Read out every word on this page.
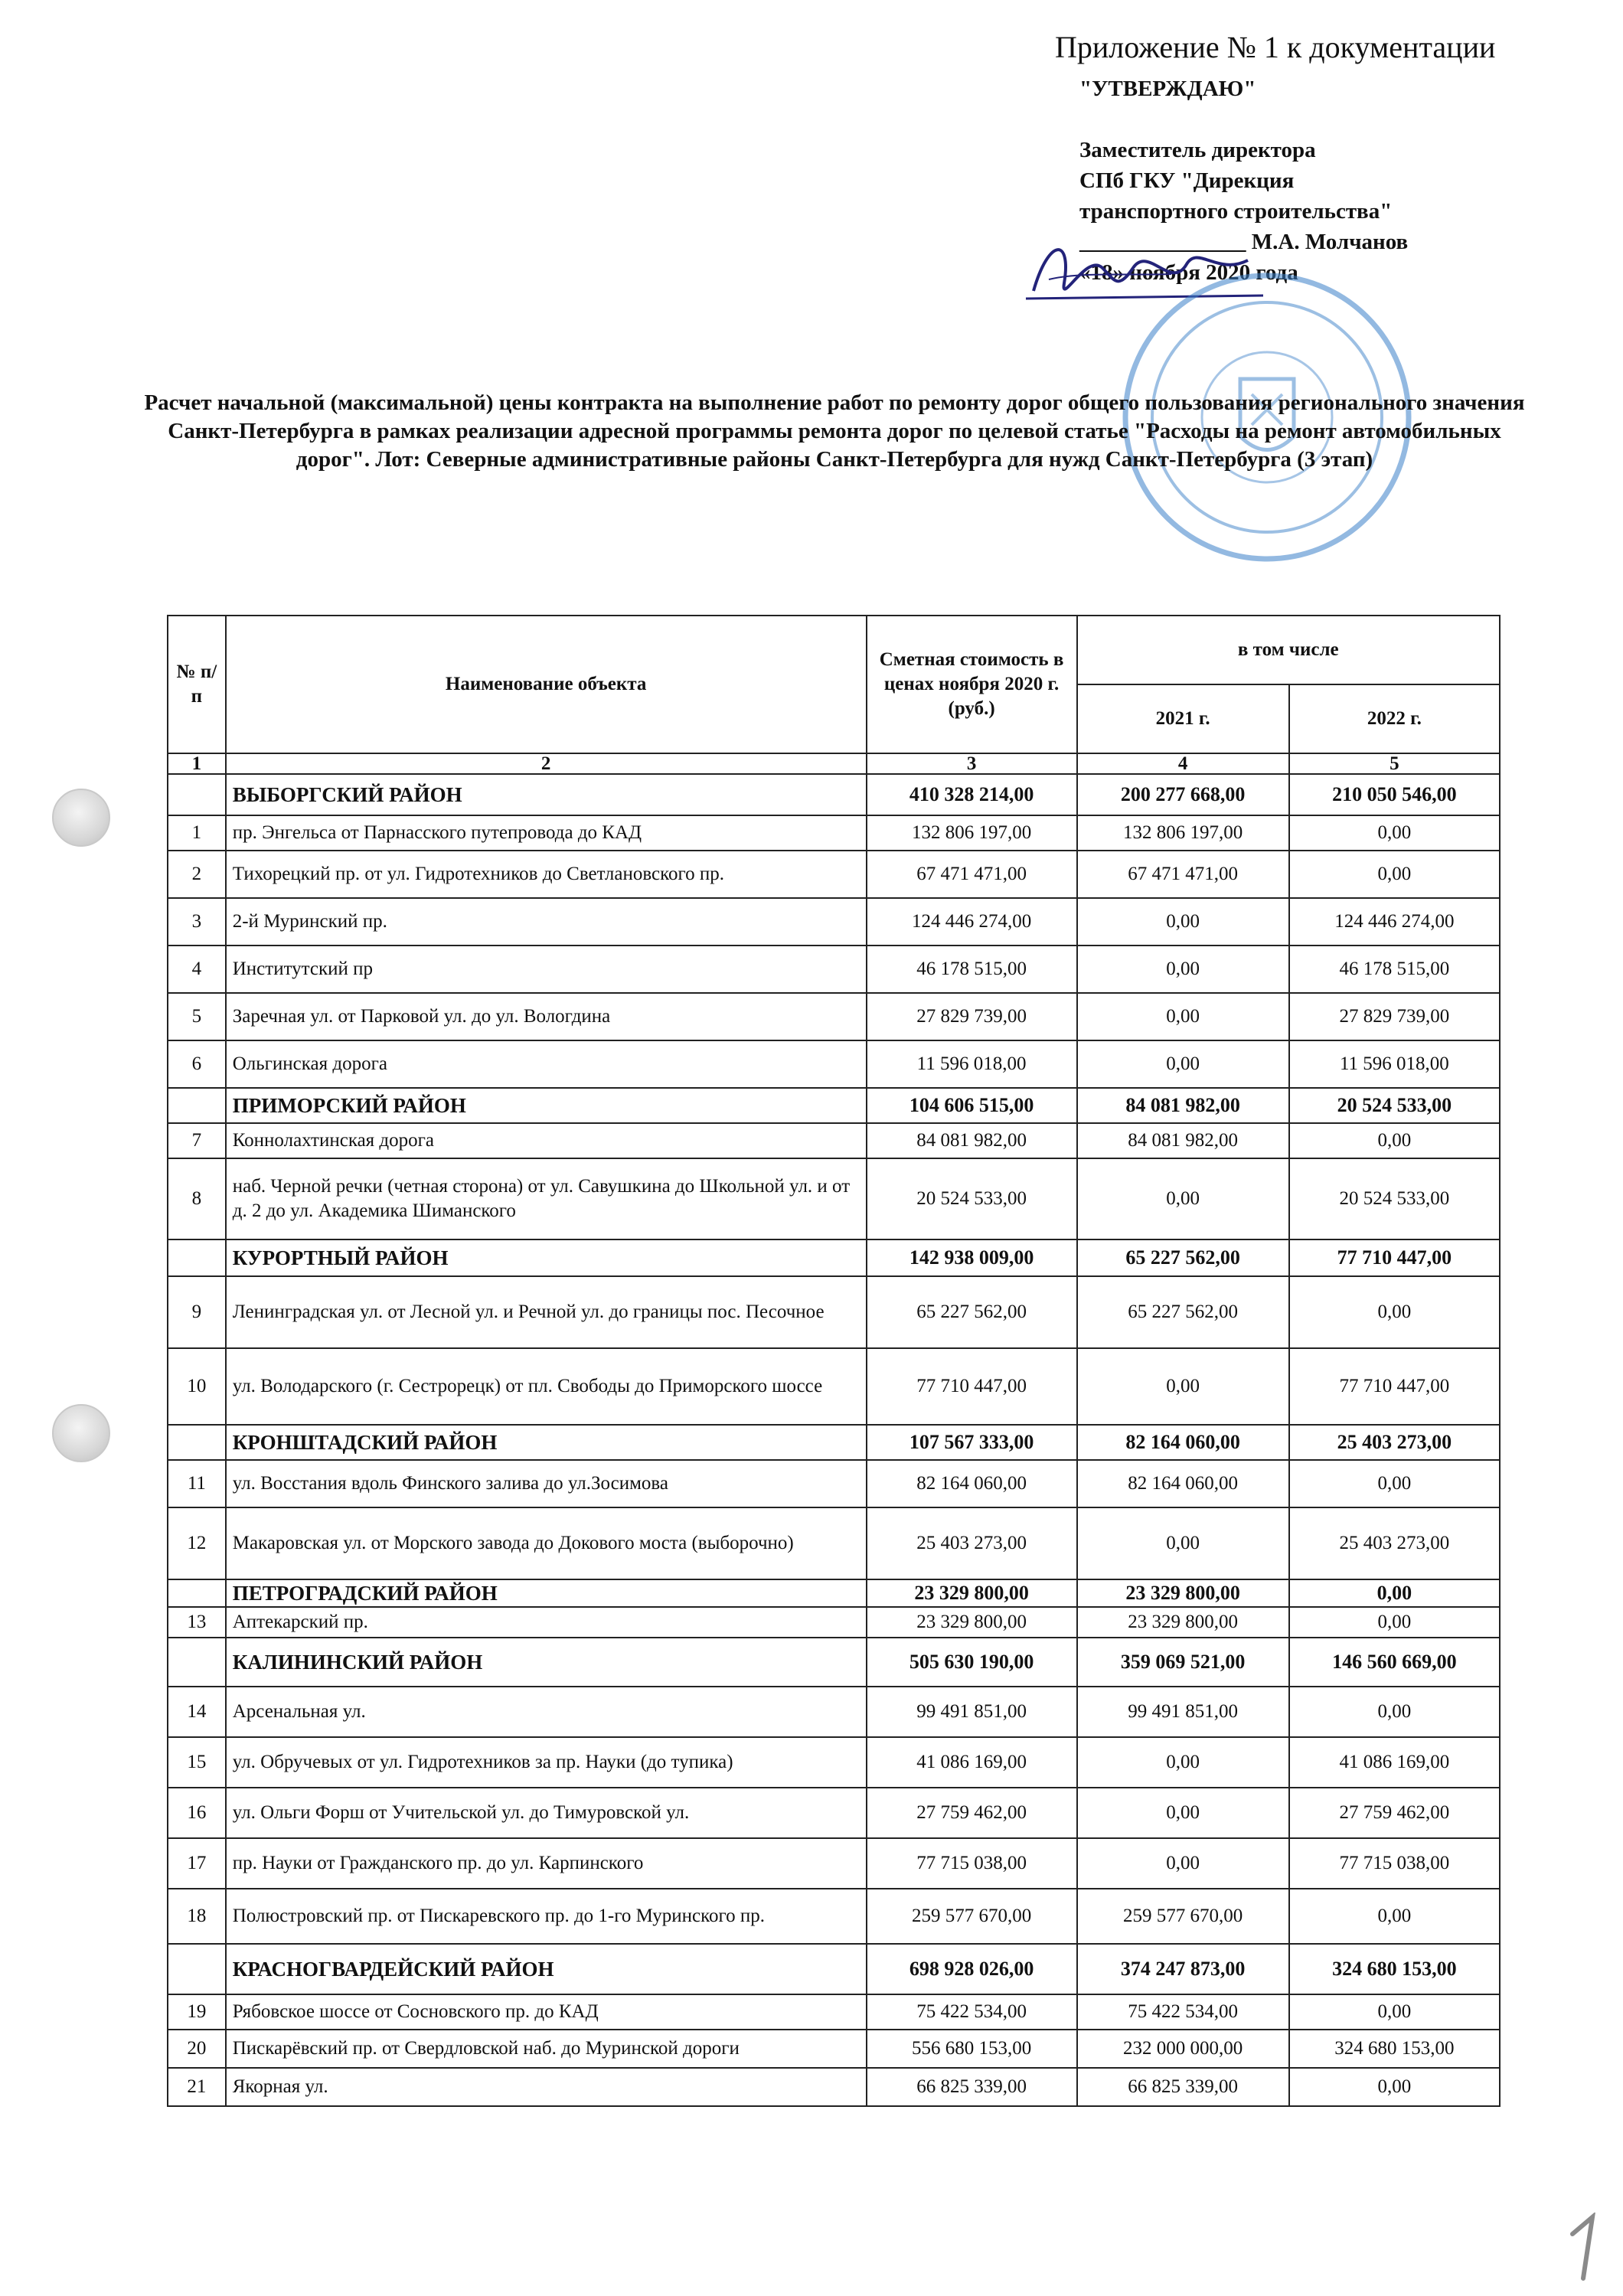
Приложение № 1 к документации
"УТВЕРЖДАЮ"
Заместитель директора
СПб ГКУ "Дирекция
транспортного строительства"
_______________ М.А. Молчанов
«18» ноября 2020 года
Расчет начальной (максимальной) цены контракта на выполнение работ по ремонту дорог общего пользования регионального значения Санкт-Петербурга в рамках реализации адресной программы ремонта дорог по целевой статье "Расходы на ремонт автомобильных дорог". Лот: Северные административные районы Санкт-Петербурга для нужд Санкт-Петербурга (3 этап)
№ п/п	Наименование объекта	Сметная стоимость в ценах ноября 2020 г. (руб.)	в том числе	
			2021 г.	2022 г.
1	2	3	4	5
	ВЫБОРГСКИЙ РАЙОН	410 328 214,00	200 277 668,00	210 050 546,00
1	пр. Энгельса от Парнасского путепровода до КАД	132 806 197,00	132 806 197,00	0,00
2	Тихорецкий пр. от ул. Гидротехников до Светлановского пр.	67 471 471,00	67 471 471,00	0,00
3	2-й Муринский пр.	124 446 274,00	0,00	124 446 274,00
4	Институтский пр	46 178 515,00	0,00	46 178 515,00
5	Заречная ул. от Парковой ул. до ул. Вологдина	27 829 739,00	0,00	27 829 739,00
6	Ольгинская дорога	11 596 018,00	0,00	11 596 018,00
	ПРИМОРСКИЙ РАЙОН	104 606 515,00	84 081 982,00	20 524 533,00
7	Коннолахтинская дорога	84 081 982,00	84 081 982,00	0,00
8	наб. Черной речки (четная сторона) от ул. Савушкина до Школьной ул. и от д. 2 до ул. Академика Шиманского	20 524 533,00	0,00	20 524 533,00
	КУРОРТНЫЙ РАЙОН	142 938 009,00	65 227 562,00	77 710 447,00
9	Ленинградская ул. от Лесной ул. и Речной ул. до границы пос. Песочное	65 227 562,00	65 227 562,00	0,00
10	ул. Володарского (г. Сестрорецк) от пл. Свободы до Приморского шоссе	77 710 447,00	0,00	77 710 447,00
	КРОНШТАДСКИЙ РАЙОН	107 567 333,00	82 164 060,00	25 403 273,00
11	ул. Восстания вдоль Финского залива до ул.Зосимова	82 164 060,00	82 164 060,00	0,00
12	Макаровская ул. от Морского завода до Докового моста (выборочно)	25 403 273,00	0,00	25 403 273,00
	ПЕТРОГРАДСКИЙ РАЙОН	23 329 800,00	23 329 800,00	0,00
13	Аптекарский пр.	23 329 800,00	23 329 800,00	0,00
	КАЛИНИНСКИЙ РАЙОН	505 630 190,00	359 069 521,00	146 560 669,00
14	Арсенальная ул.	99 491 851,00	99 491 851,00	0,00
15	ул. Обручевых от ул. Гидротехников за пр. Науки (до тупика)	41 086 169,00	0,00	41 086 169,00
16	ул. Ольги Форш от Учительской ул. до Тимуровской ул.	27 759 462,00	0,00	27 759 462,00
17	пр. Науки от Гражданского пр. до ул. Карпинского	77 715 038,00	0,00	77 715 038,00
18	Полюстровский пр. от Пискаревского пр. до 1-го Муринского пр.	259 577 670,00	259 577 670,00	0,00
	КРАСНОГВАРДЕЙСКИЙ РАЙОН	698 928 026,00	374 247 873,00	324 680 153,00
19	Рябовское шоссе от Сосновского пр. до КАД	75 422 534,00	75 422 534,00	0,00
20	Пискарёвский пр. от Свердловской наб. до Муринской дороги	556 680 153,00	232 000 000,00	324 680 153,00
21	Якорная ул.	66 825 339,00	66 825 339,00	0,00
